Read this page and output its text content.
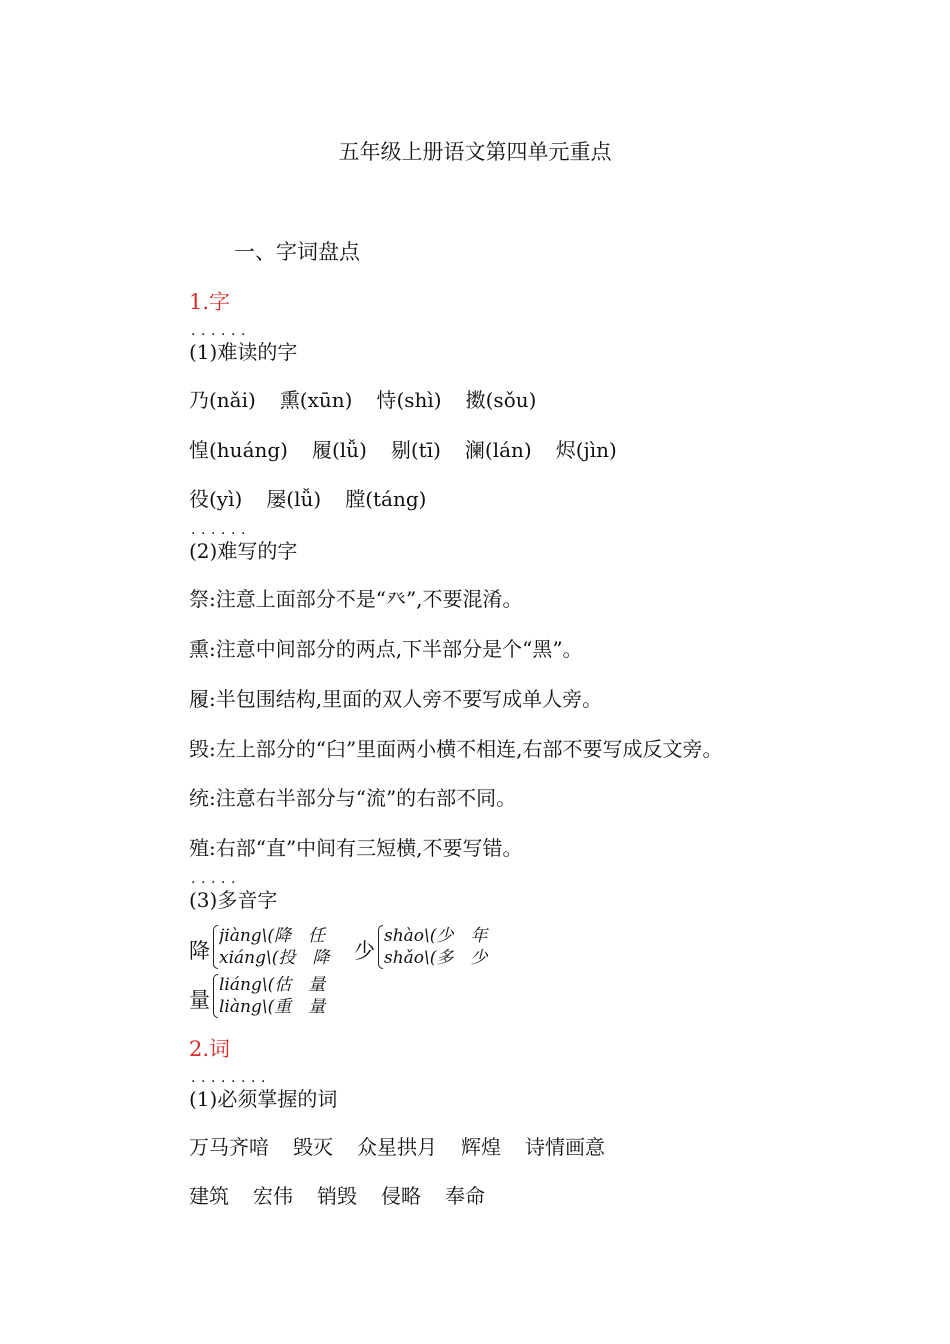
五年级上册语文第四单元重点
一、字词盘点
1.字
. . . . . .
(1)难读的字
乃(nǎi) 熏(xūn) 恃(shì) 擞(sǒu)
惶(huáng) 履(lǚ) 剔(tī) 澜(lán) 烬(jìn)
役(yì) 屡(lǚ) 膛(táng)
. . . . . .
(2)难写的字
祭:注意上面部分不是“癶”,不要混淆。
熏:注意中间部分的两点,下半部分是个“黑”。
履:半包围结构,里面的双人旁不要写成单人旁。
毁:左上部分的“臼”里面两小横不相连,右部不要写成反文旁。
统:注意右半部分与“流”的右部不同。
殖:右部“直”中间有三短横,不要写错。
. . . . .
(3)多音字
降
jiàng\(降　任
xiáng\(投　降 少
shào\(少　年
shǎo\(多　少
量
liáng\(估　量
liàng\(重　量
2.词
. . . . . . . .
(1)必须掌握的词
万马齐喑 毁灭 众星拱月 辉煌 诗情画意
建筑 宏伟 销毁 侵略 奉命
